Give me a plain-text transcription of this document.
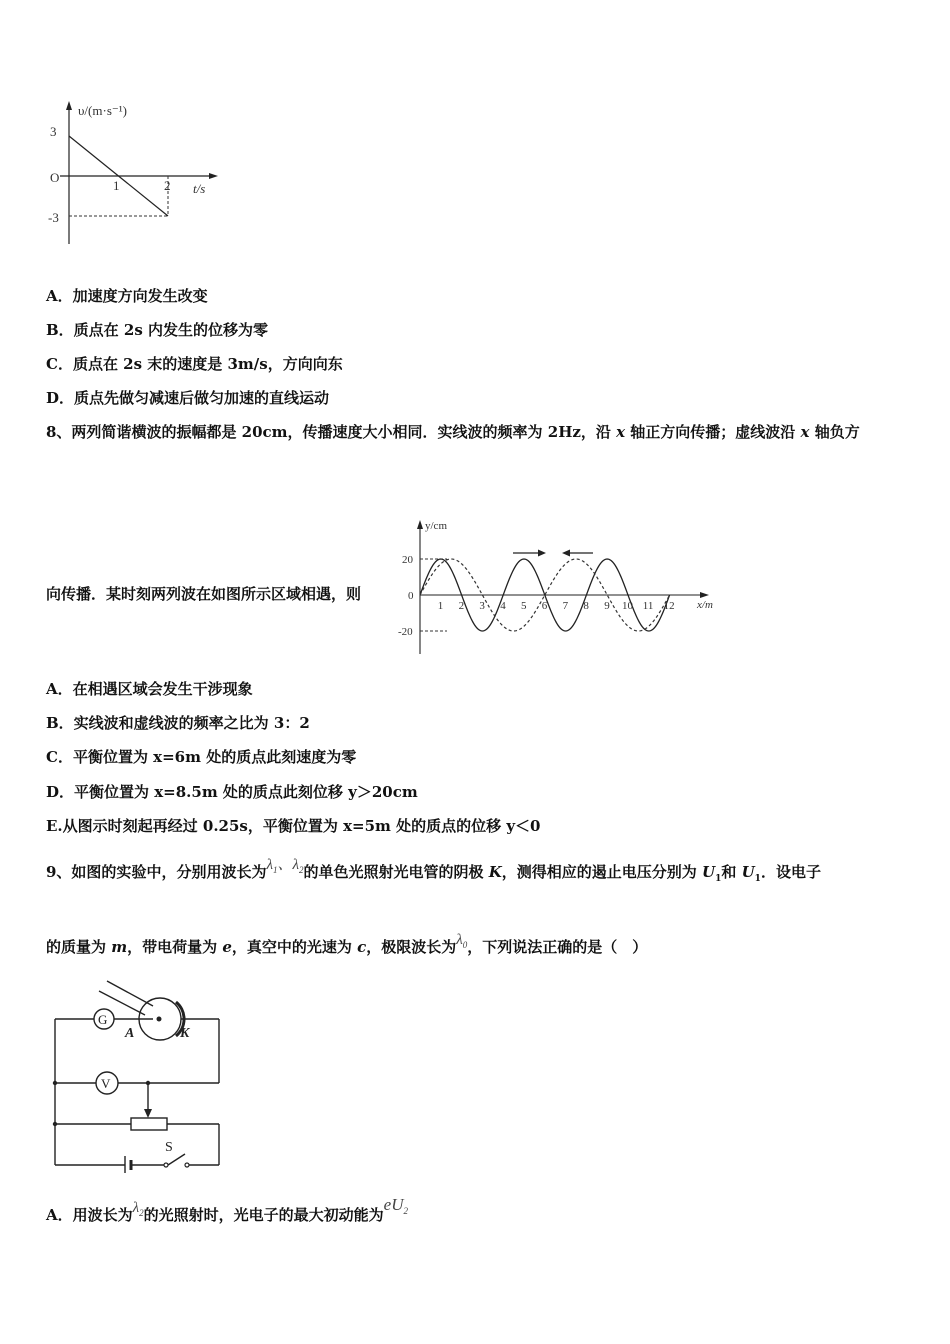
υ/(m·s⁻¹)
3
O
-3
1	2 t/s
A．加速度方向发生改变
B．质点在 2s 内发生的位移为零
C．质点在 2s 末的速度是 3m/s，方向向东
D．质点先做匀减速后做匀加速的直线运动
8、两列简谐横波的振幅都是 20cm，传播速度大小相同．实线波的频率为 2Hz，沿 x 轴正方向传播；虚线波沿 x 轴负方
向传播．某时刻两列波在如图所示区域相遇，则
1 2 3 4 5 6 7 8 9 10 11 12
y/cm
x/m
20
0
-20
A．在相遇区域会发生干涉现象
B．实线波和虚线波的频率之比为 3：2
C．平衡位置为 x=6m 处的质点此刻速度为零
D．平衡位置为 x=8.5m 处的质点此刻位移 y＞20cm
E.从图示时刻起再经过 0.25s，平衡位置为 x=5m 处的质点的位移 y＜0
9、如图的实验中，分别用波长为$\lambda_1$、$\lambda_2$的单色光照射光电管的阴极 K，测得相应的遏止电压分别为 $U_1$和 $U_1$．设电子
的质量为 m，带电荷量为 e，真空中的光速为 c，极限波长为$\lambda_0$，下列说法正确的是（　）
G
V
A	K
S
A．用波长为$\lambda_2$的光照射时，光电子的最大初动能为$eU_2$
